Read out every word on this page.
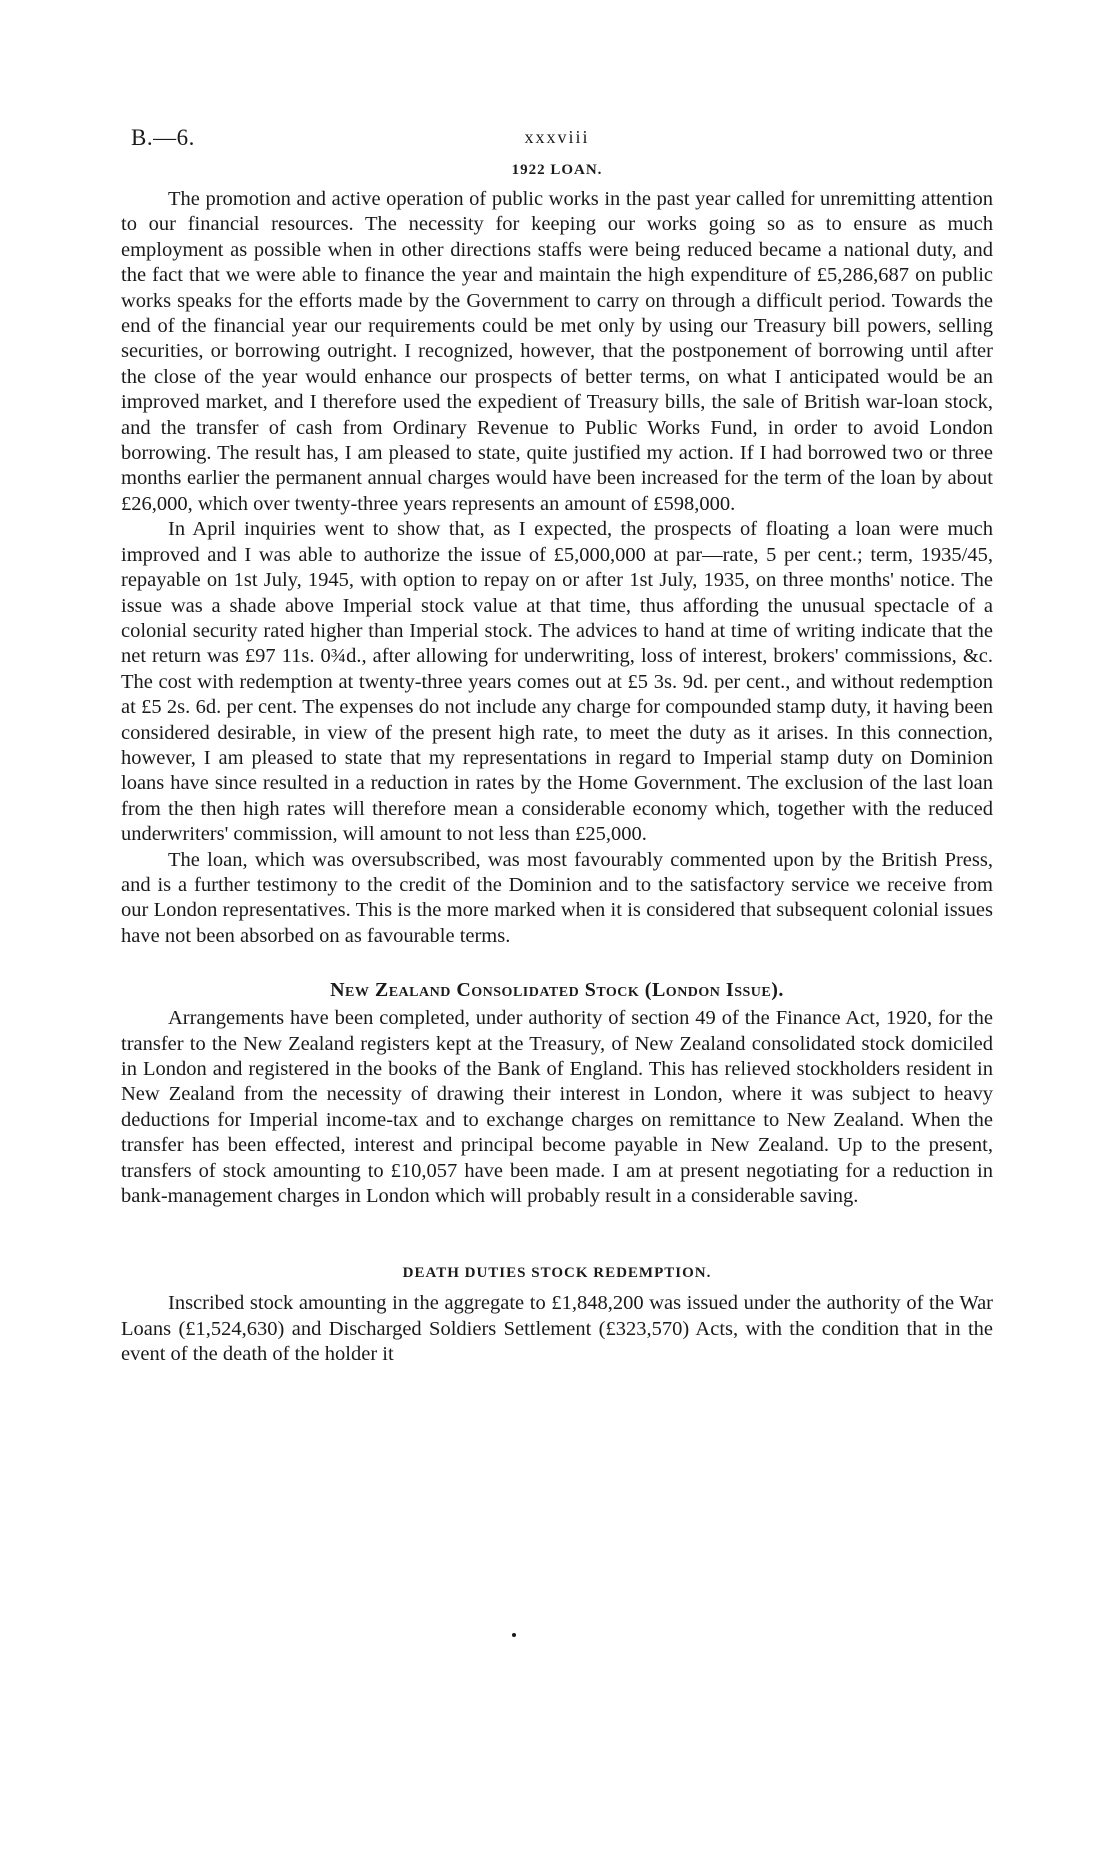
B.—6.	xxxviii
1922 LOAN.

The promotion and active operation of public works in the past year called for unremitting attention to our financial resources. The necessity for keeping our works going so as to ensure as much employment as possible when in other directions staffs were being reduced became a national duty, and the fact that we were able to finance the year and maintain the high expenditure of £5,286,687 on public works speaks for the efforts made by the Government to carry on through a difficult period. Towards the end of the financial year our requirements could be met only by using our Treasury bill powers, selling securities, or borrowing outright. I recognized, however, that the postponement of borrowing until after the close of the year would enhance our prospects of better terms, on what I anticipated would be an improved market, and I therefore used the expedient of Treasury bills, the sale of British war-loan stock, and the transfer of cash from Ordinary Revenue to Public Works Fund, in order to avoid London borrowing. The result has, I am pleased to state, quite justified my action. If I had borrowed two or three months earlier the permanent annual charges would have been increased for the term of the loan by about £26,000, which over twenty-three years represents an amount of £598,000.

In April inquiries went to show that, as I expected, the prospects of floating a loan were much improved and I was able to authorize the issue of £5,000,000 at par—rate, 5 per cent.; term, 1935/45, repayable on 1st July, 1945, with option to repay on or after 1st July, 1935, on three months' notice. The issue was a shade above Imperial stock value at that time, thus affording the unusual spectacle of a colonial security rated higher than Imperial stock. The advices to hand at time of writing indicate that the net return was £97 11s. 0¾d., after allowing for underwriting, loss of interest, brokers' commissions, &c. The cost with redemption at twenty-three years comes out at £5 3s. 9d. per cent., and without redemption at £5 2s. 6d. per cent. The expenses do not include any charge for compounded stamp duty, it having been considered desirable, in view of the present high rate, to meet the duty as it arises. In this connection, however, I am pleased to state that my representations in regard to Imperial stamp duty on Dominion loans have since resulted in a reduction in rates by the Home Government. The exclusion of the last loan from the then high rates will therefore mean a considerable economy which, together with the reduced underwriters' commission, will amount to not less than £25,000.

The loan, which was oversubscribed, was most favourably commented upon by the British Press, and is a further testimony to the credit of the Dominion and to the satisfactory service we receive from our London representatives. This is the more marked when it is considered that subsequent colonial issues have not been absorbed on as favourable terms.

New Zealand Consolidated Stock (London Issue).

Arrangements have been completed, under authority of section 49 of the Finance Act, 1920, for the transfer to the New Zealand registers kept at the Treasury, of New Zealand consolidated stock domiciled in London and registered in the books of the Bank of England. This has relieved stockholders resident in New Zealand from the necessity of drawing their interest in London, where it was subject to heavy deductions for Imperial income-tax and to exchange charges on remittance to New Zealand. When the transfer has been effected, interest and principal become payable in New Zealand. Up to the present, transfers of stock amounting to £10,057 have been made. I am at present negotiating for a reduction in bank-management charges in London which will probably result in a considerable saving.

DEATH DUTIES STOCK REDEMPTION.

Inscribed stock amounting in the aggregate to £1,848,200 was issued under the authority of the War Loans (£1,524,630) and Discharged Soldiers Settlement (£323,570) Acts, with the condition that in the event of the death of the holder it
